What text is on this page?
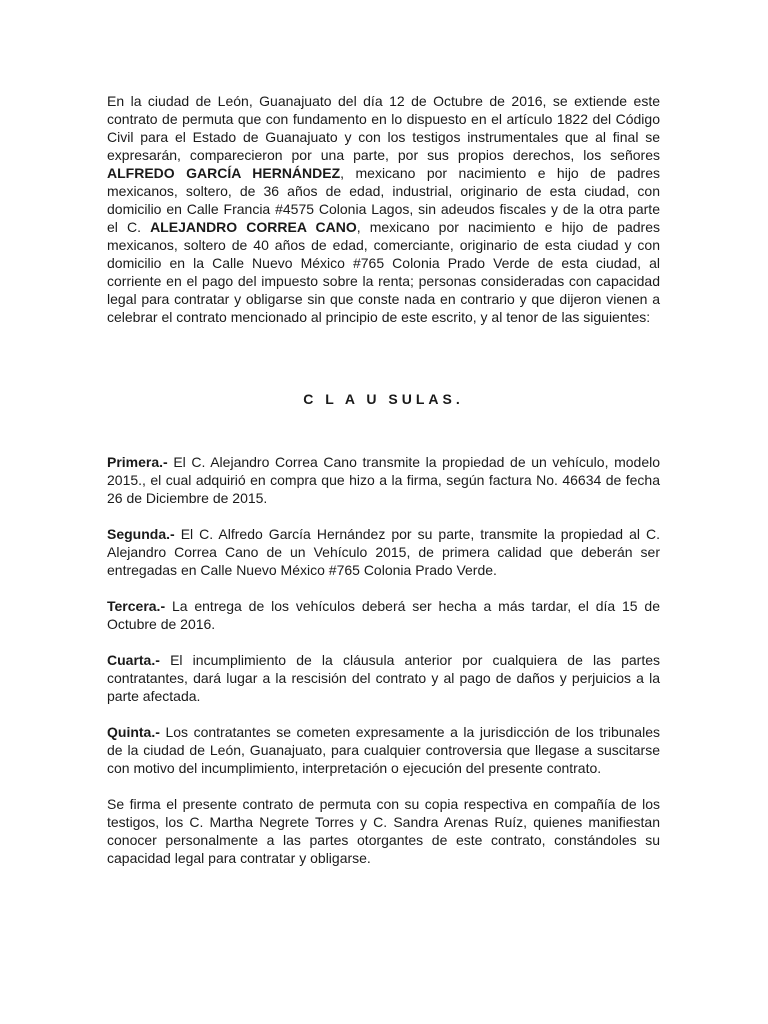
En la ciudad de León, Guanajuato del día 12 de Octubre de 2016, se extiende este contrato de permuta que con fundamento en lo dispuesto en el artículo 1822 del Código Civil para el Estado de Guanajuato y con los testigos instrumentales que al final se expresarán, comparecieron por una parte, por sus propios derechos, los señores ALFREDO GARCÍA HERNÁNDEZ, mexicano por nacimiento e hijo de padres mexicanos, soltero, de 36 años de edad, industrial, originario de esta ciudad, con domicilio en Calle Francia #4575 Colonia Lagos, sin adeudos fiscales y de la otra parte el C. ALEJANDRO CORREA CANO, mexicano por nacimiento e hijo de padres mexicanos, soltero de 40 años de edad, comerciante, originario de esta ciudad y con domicilio en la Calle Nuevo México #765 Colonia Prado Verde de esta ciudad, al corriente en el pago del impuesto sobre la renta; personas consideradas con capacidad legal para contratar y obligarse sin que conste nada en contrario y que dijeron vienen a celebrar el contrato mencionado al principio de este escrito, y al tenor de las siguientes:

C L A U SULAS.

Primera.- El C. Alejandro Correa Cano transmite la propiedad de un vehículo, modelo 2015., el cual adquirió en compra que hizo a la firma, según factura No. 46634 de fecha 26 de Diciembre de 2015.

Segunda.- El C. Alfredo García Hernández por su parte, transmite la propiedad al C. Alejandro Correa Cano de un Vehículo 2015, de primera calidad que deberán ser entregadas en Calle Nuevo México #765 Colonia Prado Verde.

Tercera.- La entrega de los vehículos deberá ser hecha a más tardar, el día 15 de Octubre de 2016.

Cuarta.- El incumplimiento de la cláusula anterior por cualquiera de las partes contratantes, dará lugar a la rescisión del contrato y al pago de daños y perjuicios a la parte afectada.

Quinta.- Los contratantes se cometen expresamente a la jurisdicción de los tribunales de la ciudad de León, Guanajuato, para cualquier controversia que llegase a suscitarse con motivo del incumplimiento, interpretación o ejecución del presente contrato.

Se firma el presente contrato de permuta con su copia respectiva en compañía de los testigos, los C. Martha Negrete Torres y C. Sandra Arenas Ruíz, quienes manifiestan conocer personalmente a las partes otorgantes de este contrato, constándoles su capacidad legal para contratar y obligarse.
